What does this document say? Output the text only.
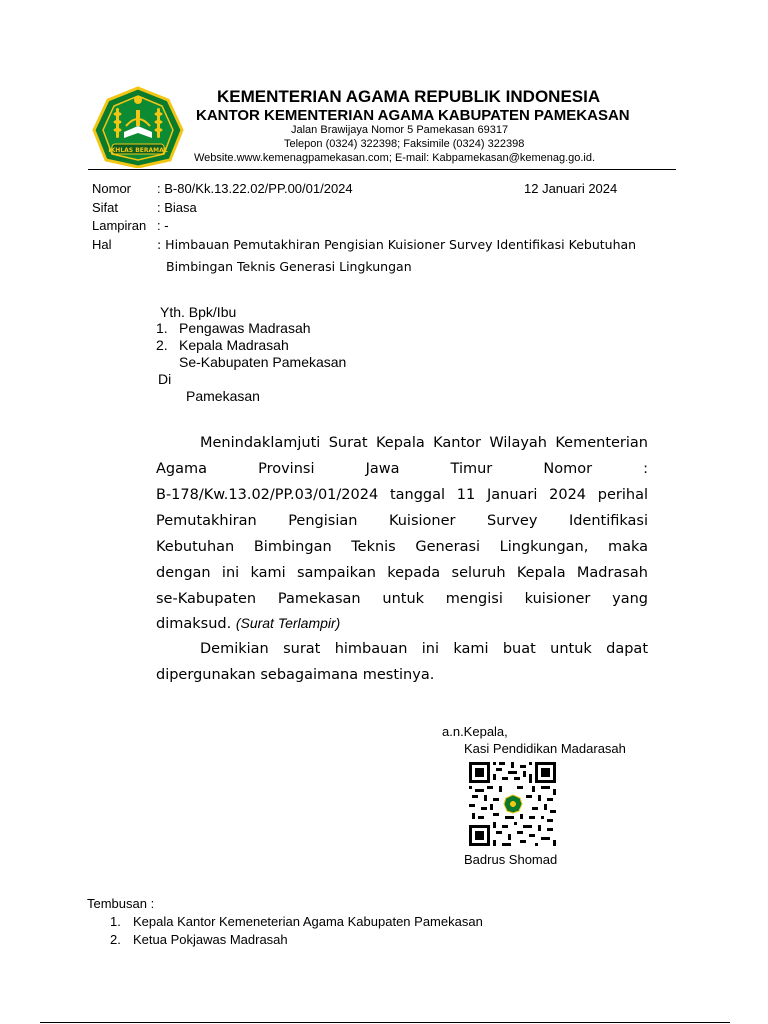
IKHLAS BERAMAL
KEMENTERIAN AGAMA REPUBLIK INDONESIA
KANTOR KEMENTERIAN AGAMA KABUPATEN PAMEKASAN
Jalan Brawijaya Nomor 5 Pamekasan 69317
Telepon (0324) 322398; Faksimile (0324) 322398
Website.www.kemenagpamekasan.com; E-mail: Kabpamekasan@kemenag.go.id.
Nomor : B-80/Kk.13.22.02/PP.00/01/2024	12 Januari 2024
Sifat	: Biasa
Lampiran : -
Hal	: Himbauan Pemutakhiran Pengisian Kuisioner Survey Identifikasi Kebutuhan
Bimbingan Teknis Generasi Lingkungan
Yth. Bpk/Ibu
1. Pengawas Madrasah
2. Kepala Madrasah
Se-Kabupaten Pamekasan
Di
Pamekasan
Menindaklamjuti Surat Kepala Kantor Wilayah Kementerian
Agama Provinsi Jawa Timur Nomor :
B-178/Kw.13.02/PP.03/01/2024 tanggal 11 Januari 2024 perihal
Pemutakhiran Pengisian Kuisioner Survey Identifikasi
Kebutuhan Bimbingan Teknis Generasi Lingkungan, maka
dengan ini kami sampaikan kepada seluruh Kepala Madrasah
se-Kabupaten Pamekasan untuk mengisi kuisioner yang
dimaksud. (Surat Terlampir)
Demikian surat himbauan ini kami buat untuk dapat
dipergunakan sebagaimana mestinya.
a.n.Kepala,
Kasi Pendidikan Madarasah
Badrus Shomad
Tembusan :
1. Kepala Kantor Kemeneterian Agama Kabupaten Pamekasan
2. Ketua Pokjawas Madrasah
